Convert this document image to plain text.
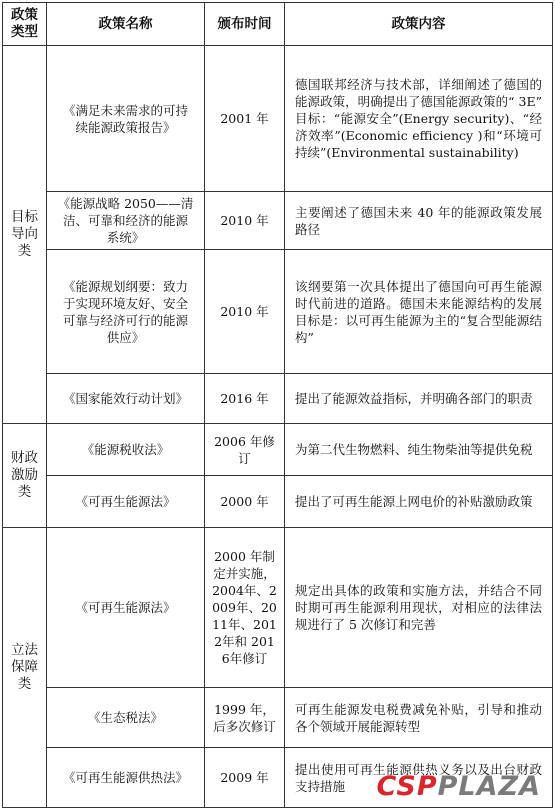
政策类型	政策名称	颁布时间	政策内容
目标导向类	《满足未来需求的可持续能源政策报告》	2001 年	德国联邦经济与技术部，详细阐述了德国的能源政策，明确提出了德国能源政策的“ 3E” 目标：“能源安全”(Energy security)、“经济效率”(Economic efficiency )和“环境可持续”(Environmental sustainability)
	《能源战略 2050——清洁、可靠和经济的能源系统》	2010 年	主要阐述了德国未来 40 年的能源政策发展路径
	《能源规划纲要：致力于实现环境友好、安全可靠与经济可行的能源供应》	2010 年	该纲要第一次具体提出了德国向可再生能源时代前进的道路。德国未来能源结构的发展目标是：以可再生能源为主的“复合型能源结构”
	《国家能效行动计划》	2016 年	提出了能源效益指标，并明确各部门的职责
财政激励类	《能源税收法》	2006 年修订	为第二代生物燃料、纯生物柴油等提供免税
	《可再生能源法》	2000 年	提出了可再生能源上网电价的补贴激励政策
立法保障类	《可再生能源法》	2000 年制定并实施，2004年、2009年、2011年、2012年和 2016年修订	规定出具体的政策和实施方法，并结合不同时期可再生能源利用现状，对相应的法律法规进行了 5 次修订和完善
	《生态税法》	1999 年，后多次修订	可再生能源发电税费减免补贴，引导和推动各个领域开展能源转型
	《可再生能源供热法》	2009 年	提出使用可再生能源供热义务以及出台财政支持措施 CSPPLAZA
